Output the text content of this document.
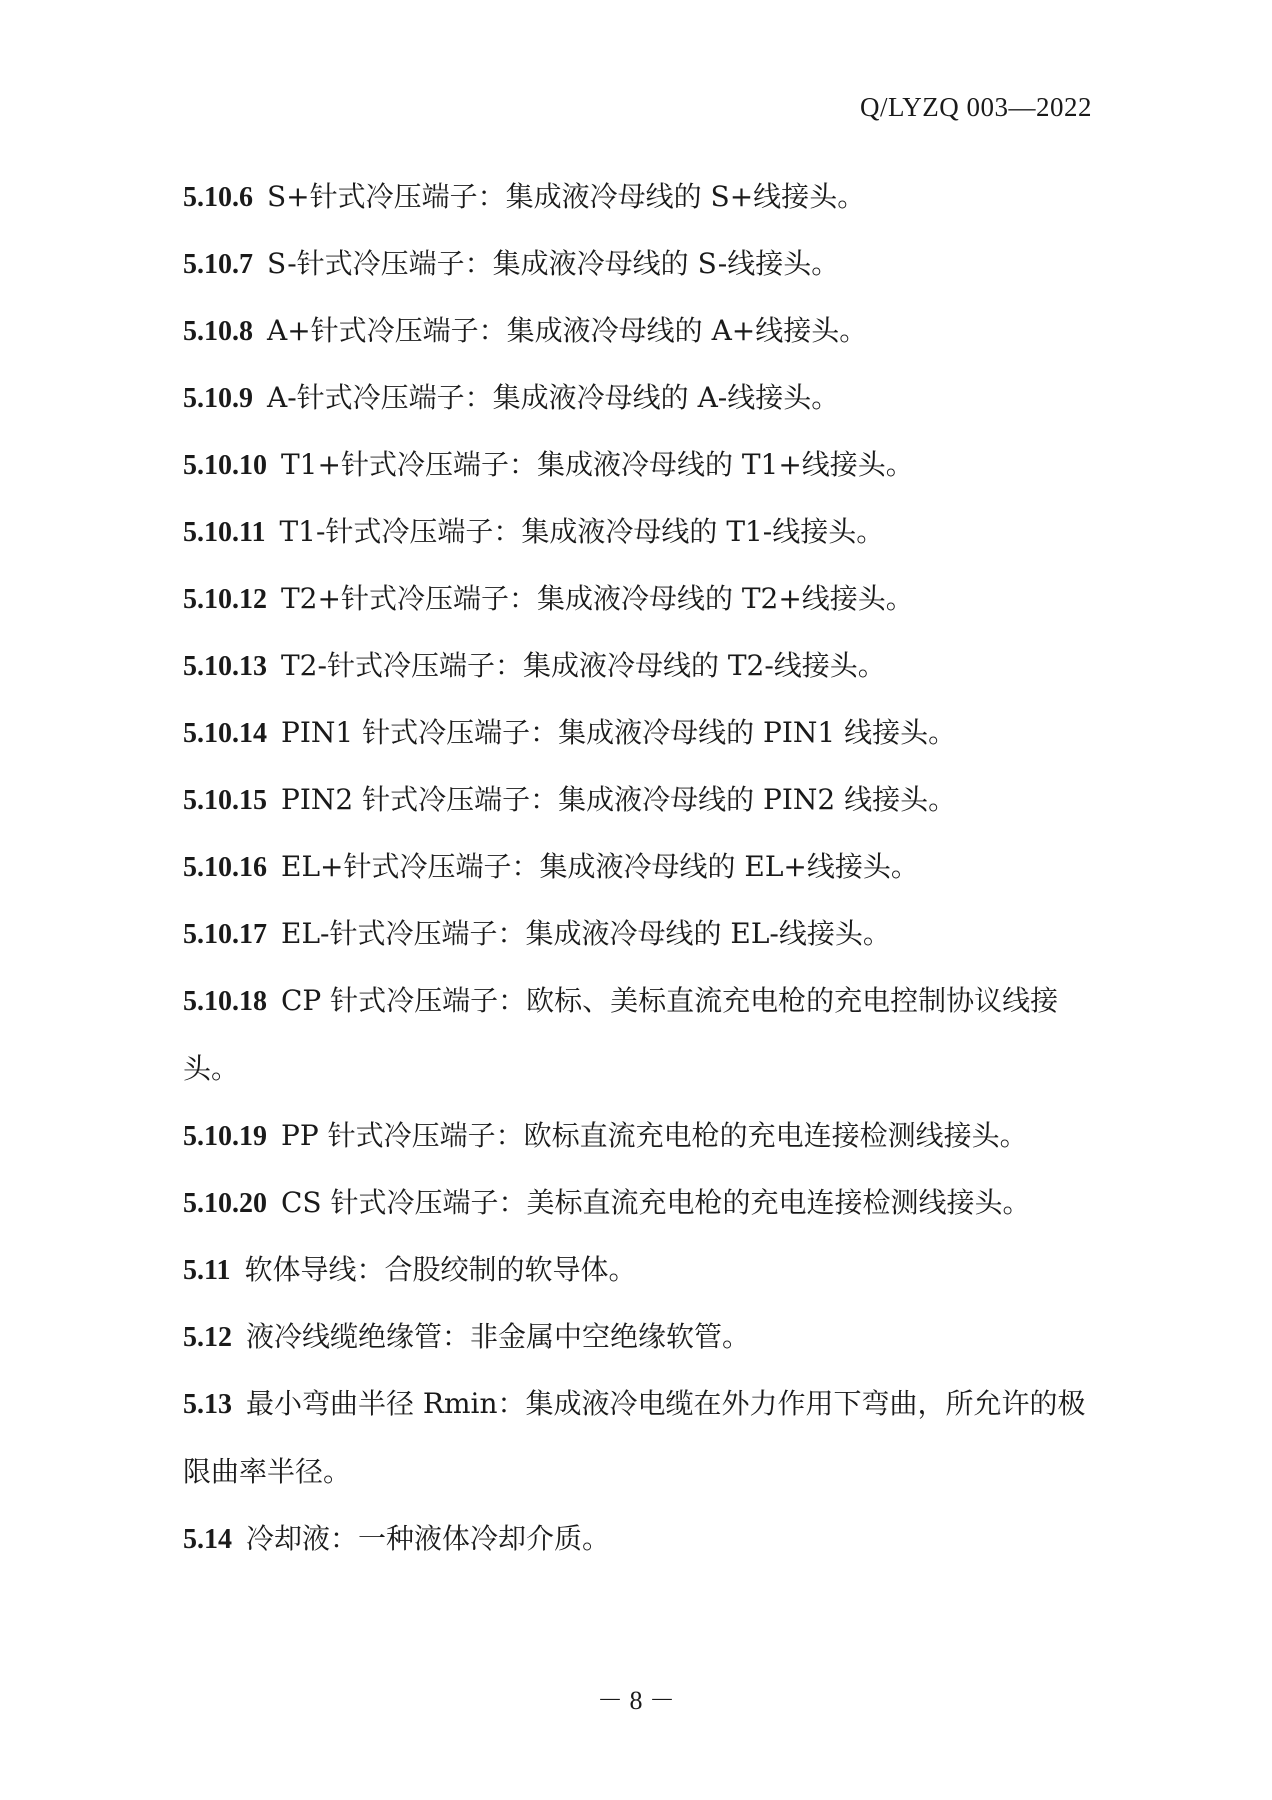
Q/LYZQ 003—2022
5.10.6 S+针式冷压端子：集成液冷母线的 S+线接头。
5.10.7 S-针式冷压端子：集成液冷母线的 S-线接头。
5.10.8 A+针式冷压端子：集成液冷母线的 A+线接头。
5.10.9 A-针式冷压端子：集成液冷母线的 A-线接头。
5.10.10 T1+针式冷压端子：集成液冷母线的 T1+线接头。
5.10.11 T1-针式冷压端子：集成液冷母线的 T1-线接头。
5.10.12 T2+针式冷压端子：集成液冷母线的 T2+线接头。
5.10.13 T2-针式冷压端子：集成液冷母线的 T2-线接头。
5.10.14 PIN1 针式冷压端子：集成液冷母线的 PIN1 线接头。
5.10.15 PIN2 针式冷压端子：集成液冷母线的 PIN2 线接头。
5.10.16 EL+针式冷压端子：集成液冷母线的 EL+线接头。
5.10.17 EL-针式冷压端子：集成液冷母线的 EL-线接头。
5.10.18 CP 针式冷压端子：欧标、美标直流充电枪的充电控制协议线接头。
5.10.19 PP 针式冷压端子：欧标直流充电枪的充电连接检测线接头。
5.10.20 CS 针式冷压端子：美标直流充电枪的充电连接检测线接头。
5.11 软体导线：合股绞制的软导体。
5.12 液冷线缆绝缘管：非金属中空绝缘软管。
5.13 最小弯曲半径 Rmin：集成液冷电缆在外力作用下弯曲，所允许的极限曲率半径。
5.14 冷却液：一种液体冷却介质。
－ 8 －
